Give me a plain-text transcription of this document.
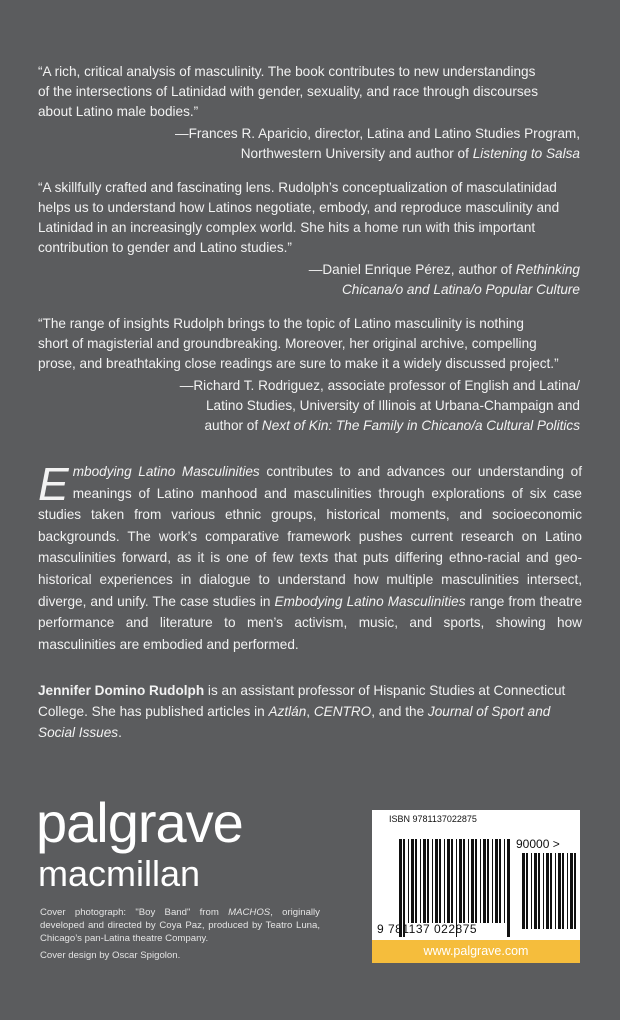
“A rich, critical analysis of masculinity. The book contributes to new understandings
of the intersections of Latinidad with gender, sexuality, and race through discourses
about Latino male bodies.”
—Frances R. Aparicio, director, Latina and Latino Studies Program,
Northwestern University and author of Listening to Salsa
“A skillfully crafted and fascinating lens. Rudolph’s conceptualization of masculatinidad
helps us to understand how Latinos negotiate, embody, and reproduce masculinity and
Latinidad in an increasingly complex world. She hits a home run with this important
contribution to gender and Latino studies.”
—Daniel Enrique Pérez, author of Rethinking
Chicana/o and Latina/o Popular Culture
“The range of insights Rudolph brings to the topic of Latino masculinity is nothing
short of magisterial and groundbreaking. Moreover, her original archive, compelling
prose, and breathtaking close readings are sure to make it a widely discussed project.”
—Richard T. Rodriguez, associate professor of English and Latina/
Latino Studies, University of Illinois at Urbana-Champaign and
author of Next of Kin: The Family in Chicano/a Cultural Politics
Embodying Latino Masculinities contributes to and advances our understanding of meanings of Latino manhood and masculinities through explorations of six case studies taken from various ethnic groups, historical moments, and socioeconomic backgrounds. The work’s comparative framework pushes current research on Latino masculinities forward, as it is one of few texts that puts differing ethno-racial and geo-historical experiences in dialogue to understand how multiple masculinities intersect, diverge, and unify. The case studies in Embodying Latino Masculinities range from theatre performance and literature to men’s activism, music, and sports, showing how masculinities are embodied and performed.
Jennifer Domino Rudolph is an assistant professor of Hispanic Studies at Connecticut College. She has published articles in Aztlán, CENTRO, and the Journal of Sport and Social Issues.
palgrave
macmillan

Cover photograph: "Boy Band" from MACHOS, originally developed and directed by Coya Paz, produced by Teatro Luna, Chicago’s pan-Latina theatre Company.

Cover design by Oscar Spigolon.

ISBN 9781137022875
90000 >
9 781137 022875
www.palgrave.com
